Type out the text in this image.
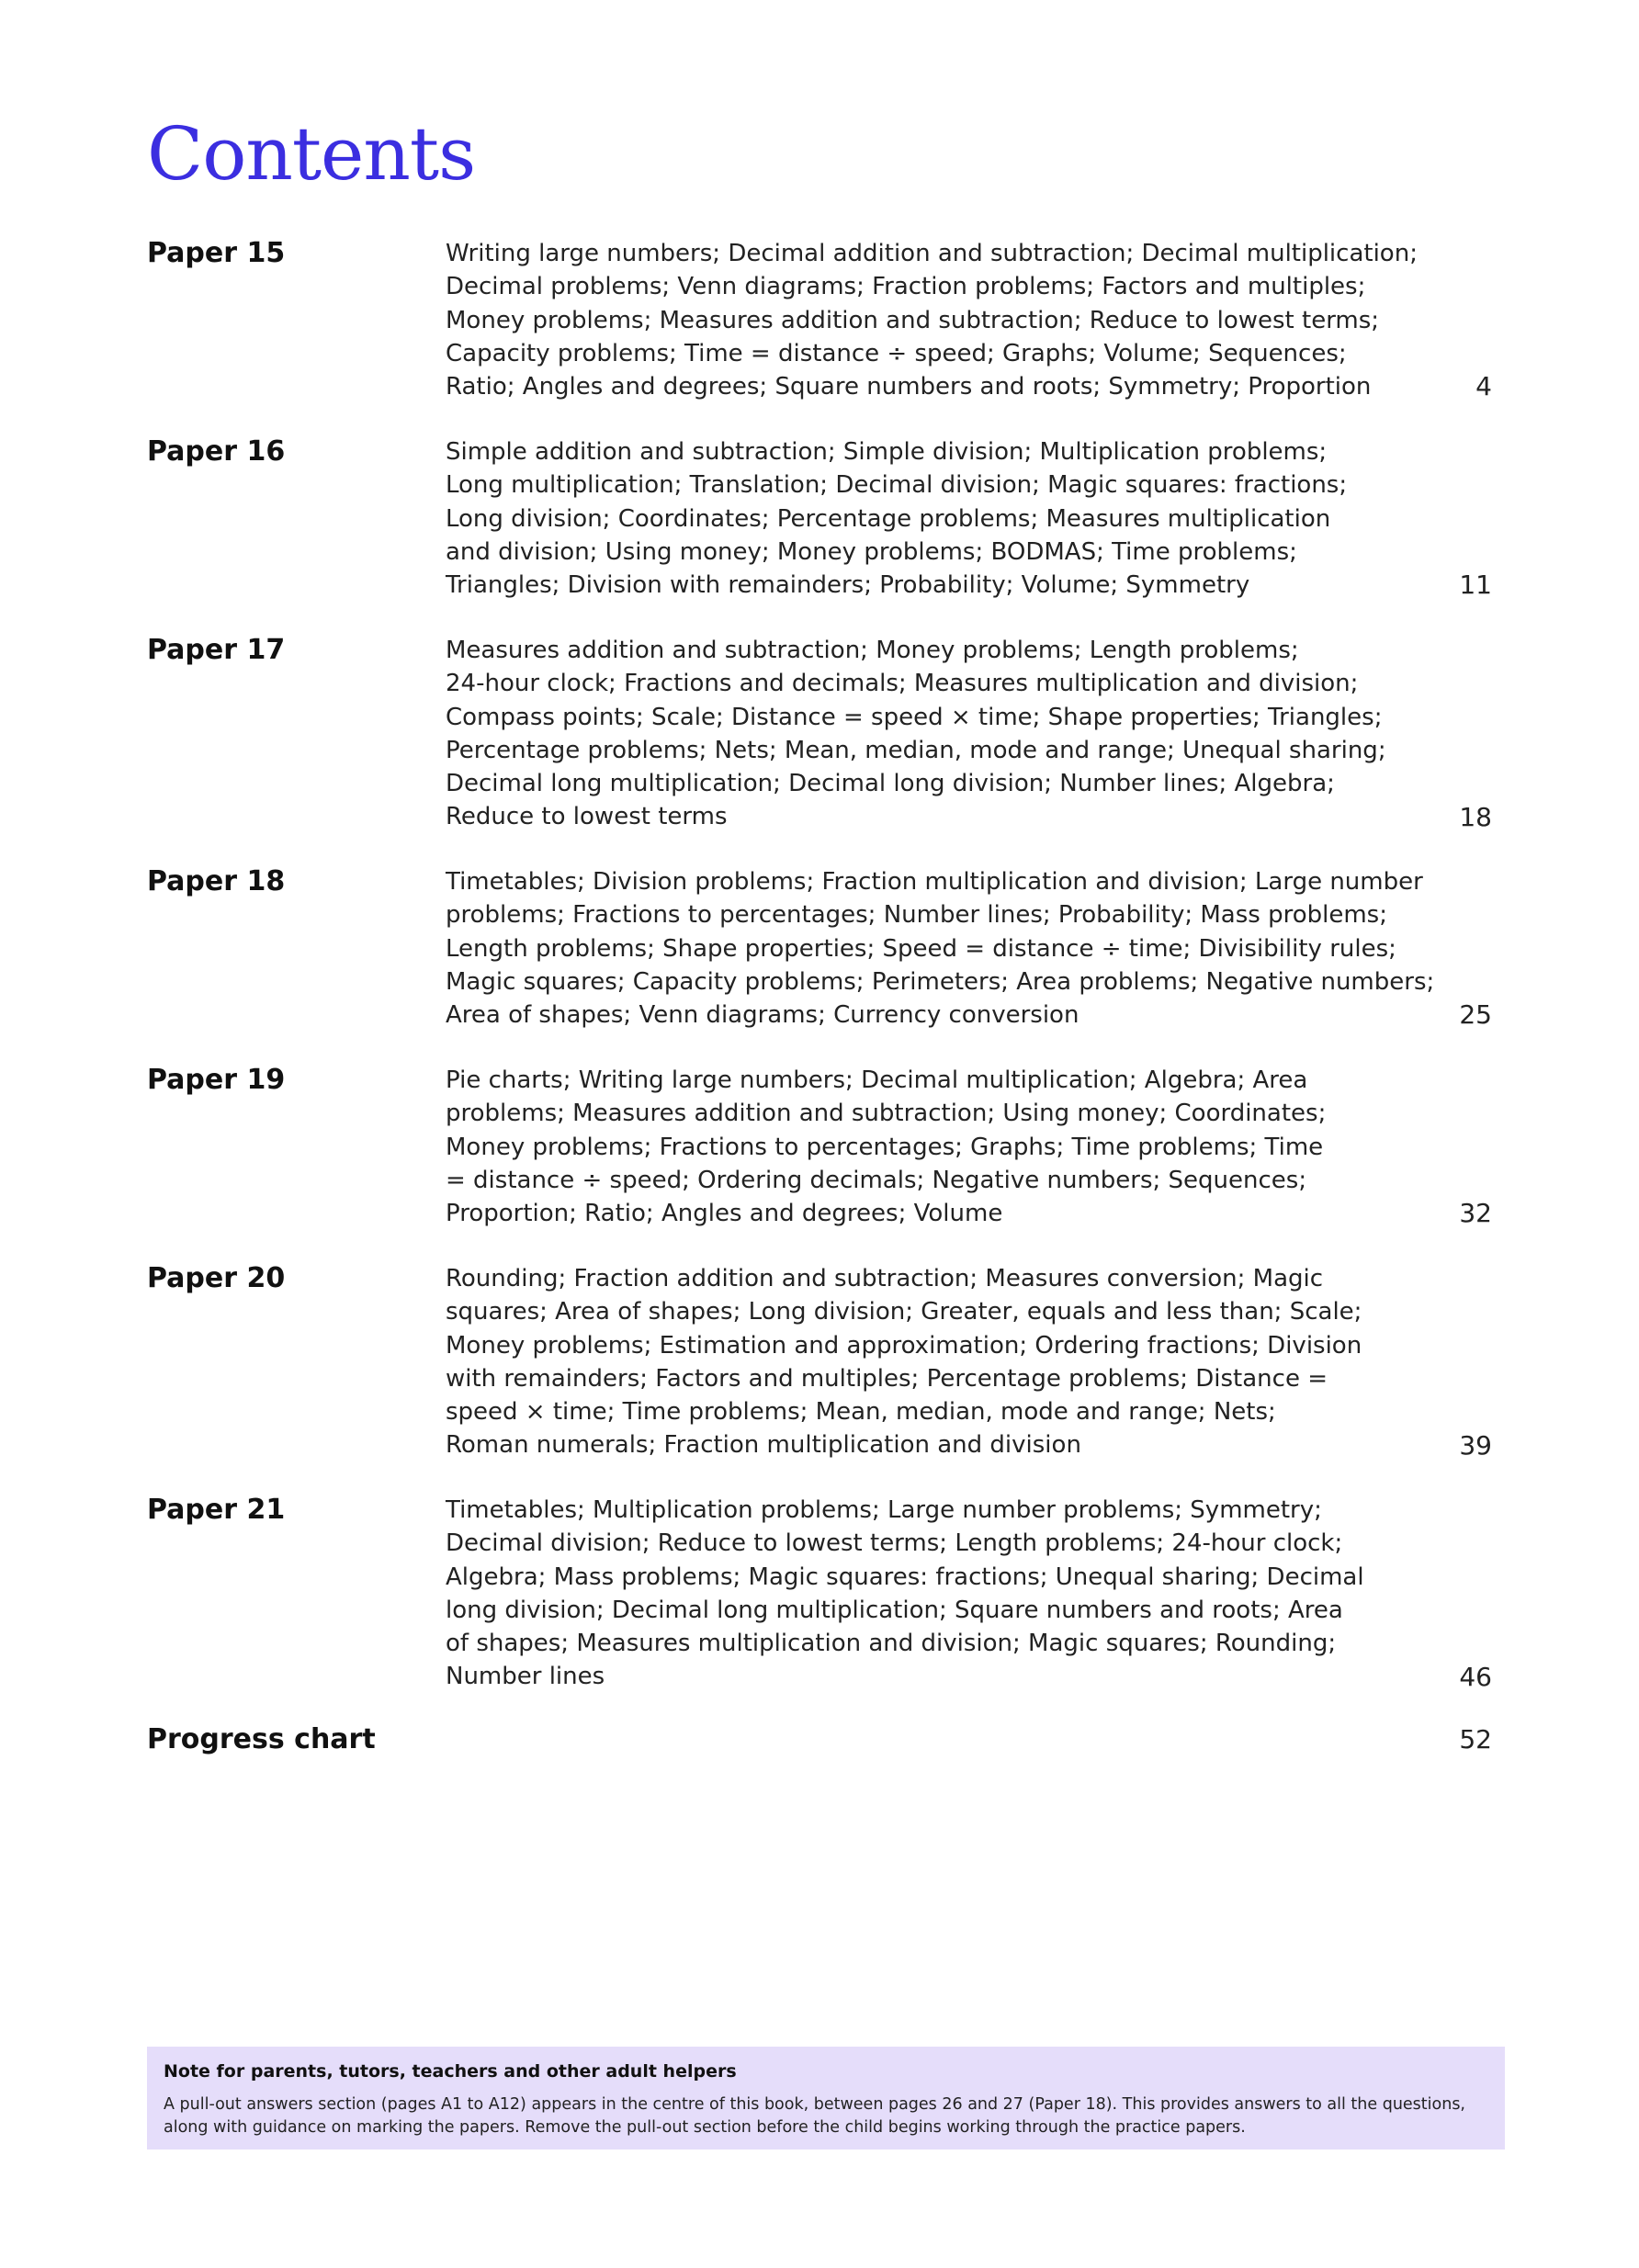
Contents
Paper 15	Writing large numbers; Decimal addition and subtraction; Decimal multiplication;
Decimal problems; Venn diagrams; Fraction problems; Factors and multiples;
Money problems; Measures addition and subtraction; Reduce to lowest terms;
Capacity problems; Time = distance ÷ speed; Graphs; Volume; Sequences;
Ratio; Angles and degrees; Square numbers and roots; Symmetry; Proportion	4
Paper 16	Simple addition and subtraction; Simple division; Multiplication problems;
Long multiplication; Translation; Decimal division; Magic squares: fractions;
Long division; Coordinates; Percentage problems; Measures multiplication
and division; Using money; Money problems; BODMAS; Time problems;
Triangles; Division with remainders; Probability; Volume; Symmetry	11
Paper 17	Measures addition and subtraction; Money problems; Length problems;
24-hour clock; Fractions and decimals; Measures multiplication and division;
Compass points; Scale; Distance = speed × time; Shape properties; Triangles;
Percentage problems; Nets; Mean, median, mode and range; Unequal sharing;
Decimal long multiplication; Decimal long division; Number lines; Algebra;
Reduce to lowest terms	18
Paper 18	Timetables; Division problems; Fraction multiplication and division; Large number
problems; Fractions to percentages; Number lines; Probability; Mass problems;
Length problems; Shape properties; Speed = distance ÷ time; Divisibility rules;
Magic squares; Capacity problems; Perimeters; Area problems; Negative numbers;
Area of shapes; Venn diagrams; Currency conversion	25
Paper 19	Pie charts; Writing large numbers; Decimal multiplication; Algebra; Area
problems; Measures addition and subtraction; Using money; Coordinates;
Money problems; Fractions to percentages; Graphs; Time problems; Time
= distance ÷ speed; Ordering decimals; Negative numbers; Sequences;
Proportion; Ratio; Angles and degrees; Volume	32
Paper 20	Rounding; Fraction addition and subtraction; Measures conversion; Magic
squares; Area of shapes; Long division; Greater, equals and less than; Scale;
Money problems; Estimation and approximation; Ordering fractions; Division
with remainders; Factors and multiples; Percentage problems; Distance =
speed × time; Time problems; Mean, median, mode and range; Nets;
Roman numerals; Fraction multiplication and division	39
Paper 21	Timetables; Multiplication problems; Large number problems; Symmetry;
Decimal division; Reduce to lowest terms; Length problems; 24-hour clock;
Algebra; Mass problems; Magic squares: fractions; Unequal sharing; Decimal
long division; Decimal long multiplication; Square numbers and roots; Area
of shapes; Measures multiplication and division; Magic squares; Rounding;
Number lines	46
Progress chart	52
Note for parents, tutors, teachers and other adult helpers
A pull-out answers section (pages A1 to A12) appears in the centre of this book, between pages 26 and 27 (Paper 18). This provides answers to all the questions,
along with guidance on marking the papers. Remove the pull-out section before the child begins working through the practice papers.
